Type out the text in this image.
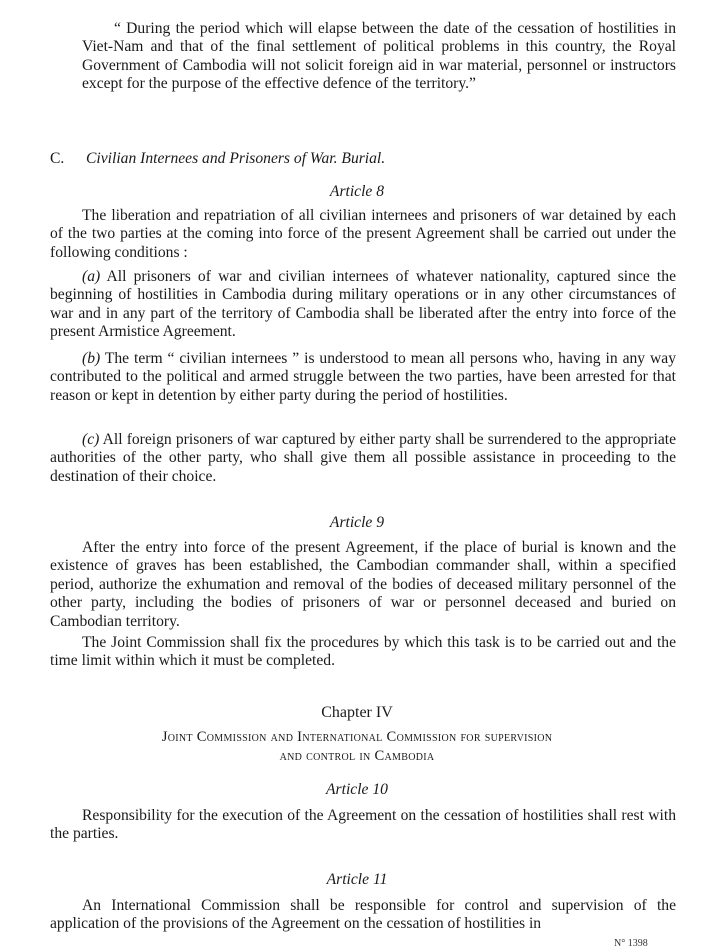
“ During the period which will elapse between the date of the cessation of hostilities in Viet-Nam and that of the final settlement of political problems in this country, the Royal Government of Cambodia will not solicit foreign aid in war material, personnel or instructors except for the purpose of the effective defence of the territory.”

C. Civilian Internees and Prisoners of War. Burial.

Article 8

The liberation and repatriation of all civilian internees and prisoners of war detained by each of the two parties at the coming into force of the present Agreement shall be carried out under the following conditions :

(a) All prisoners of war and civilian internees of whatever nationality, captured since the beginning of hostilities in Cambodia during military operations or in any other circumstances of war and in any part of the territory of Cambodia shall be liberated after the entry into force of the present Armistice Agreement.

(b) The term “ civilian internees ” is understood to mean all persons who, having in any way contributed to the political and armed struggle between the two parties, have been arrested for that reason or kept in detention by either party during the period of hostilities.

(c) All foreign prisoners of war captured by either party shall be surrendered to the appropriate authorities of the other party, who shall give them all possible assistance in proceeding to the destination of their choice.

Article 9

After the entry into force of the present Agreement, if the place of burial is known and the existence of graves has been established, the Cambodian commander shall, within a specified period, authorize the exhumation and removal of the bodies of deceased military personnel of the other party, including the bodies of prisoners of war or personnel deceased and buried on Cambodian territory.

The Joint Commission shall fix the procedures by which this task is to be carried out and the time limit within which it must be completed.

Chapter IV

Joint Commission and International Commission for supervision

and control in Cambodia

Article 10

Responsibility for the execution of the Agreement on the cessation of hostilities shall rest with the parties.

Article 11

An International Commission shall be responsible for control and supervision of the application of the provisions of the Agreement on the cessation of hostilities in

N° 1398
